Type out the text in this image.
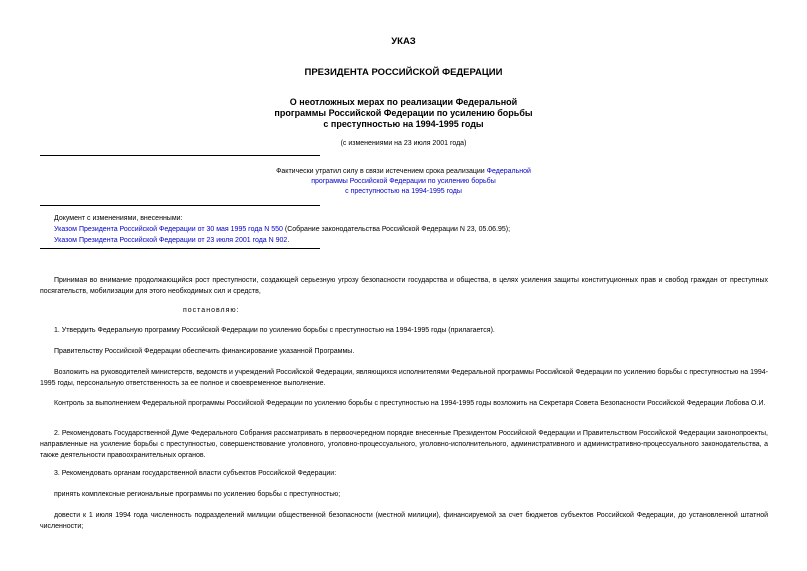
УКАЗ
ПРЕЗИДЕНТА РОССИЙСКОЙ ФЕДЕРАЦИИ
О неотложных мерах по реализации Федеральной
программы Российской Федерации по усилению борьбы
с преступностью на 1994-1995 годы
(с изменениями на 23 июля 2001 года)
Фактически утратил силу в связи истечением срока реализации Федеральной
программы Российской Федерации по усилению борьбы
с преступностью на 1994-1995 годы
Документ с изменениями, внесенными:
Указом Президента Российской Федерации от 30 мая 1995 года N 550 (Собрание законодательства Российской Федерации N 23, 05.06.95);
Указом Президента Российской Федерации от 23 июля 2001 года N 902.
Принимая во внимание продолжающийся рост преступности, создающей серьезную угрозу безопасности государства и общества, в целях усиления защиты конституционных прав и свобод граждан от преступных посягательств, мобилизации для этого необходимых сил и средств,
постановляю:
1. Утвердить Федеральную программу Российской Федерации по усилению борьбы с преступностью на 1994-1995 годы (прилагается).
Правительству Российской Федерации обеспечить финансирование указанной Программы.
Возложить на руководителей министерств, ведомств и учреждений Российской Федерации, являющихся исполнителями Федеральной программы Российской Федерации по усилению борьбы с преступностью на 1994-1995 годы, персональную ответственность за ее полное и своевременное выполнение.
Контроль за выполнением Федеральной программы Российской Федерации по усилению борьбы с преступностью на 1994-1995 годы возложить на Секретаря Совета Безопасности Российской Федерации Лобова О.И.
2. Рекомендовать Государственной Думе Федерального Собрания рассматривать в первоочередном порядке внесенные Президентом Российской Федерации и Правительством Российской Федерации законопроекты, направленные на усиление борьбы с преступностью, совершенствование уголовного, уголовно-процессуального, уголовно-исполнительного, административного и административно-процессуального законодательства, а также деятельности правоохранительных органов.
3. Рекомендовать органам государственной власти субъектов Российской Федерации:
принять комплексные региональные программы по усилению борьбы с преступностью;
довести к 1 июля 1994 года численность подразделений милиции общественной безопасности (местной милиции), финансируемой за счет бюджетов субъектов Российской Федерации, до установленной штатной численности;
